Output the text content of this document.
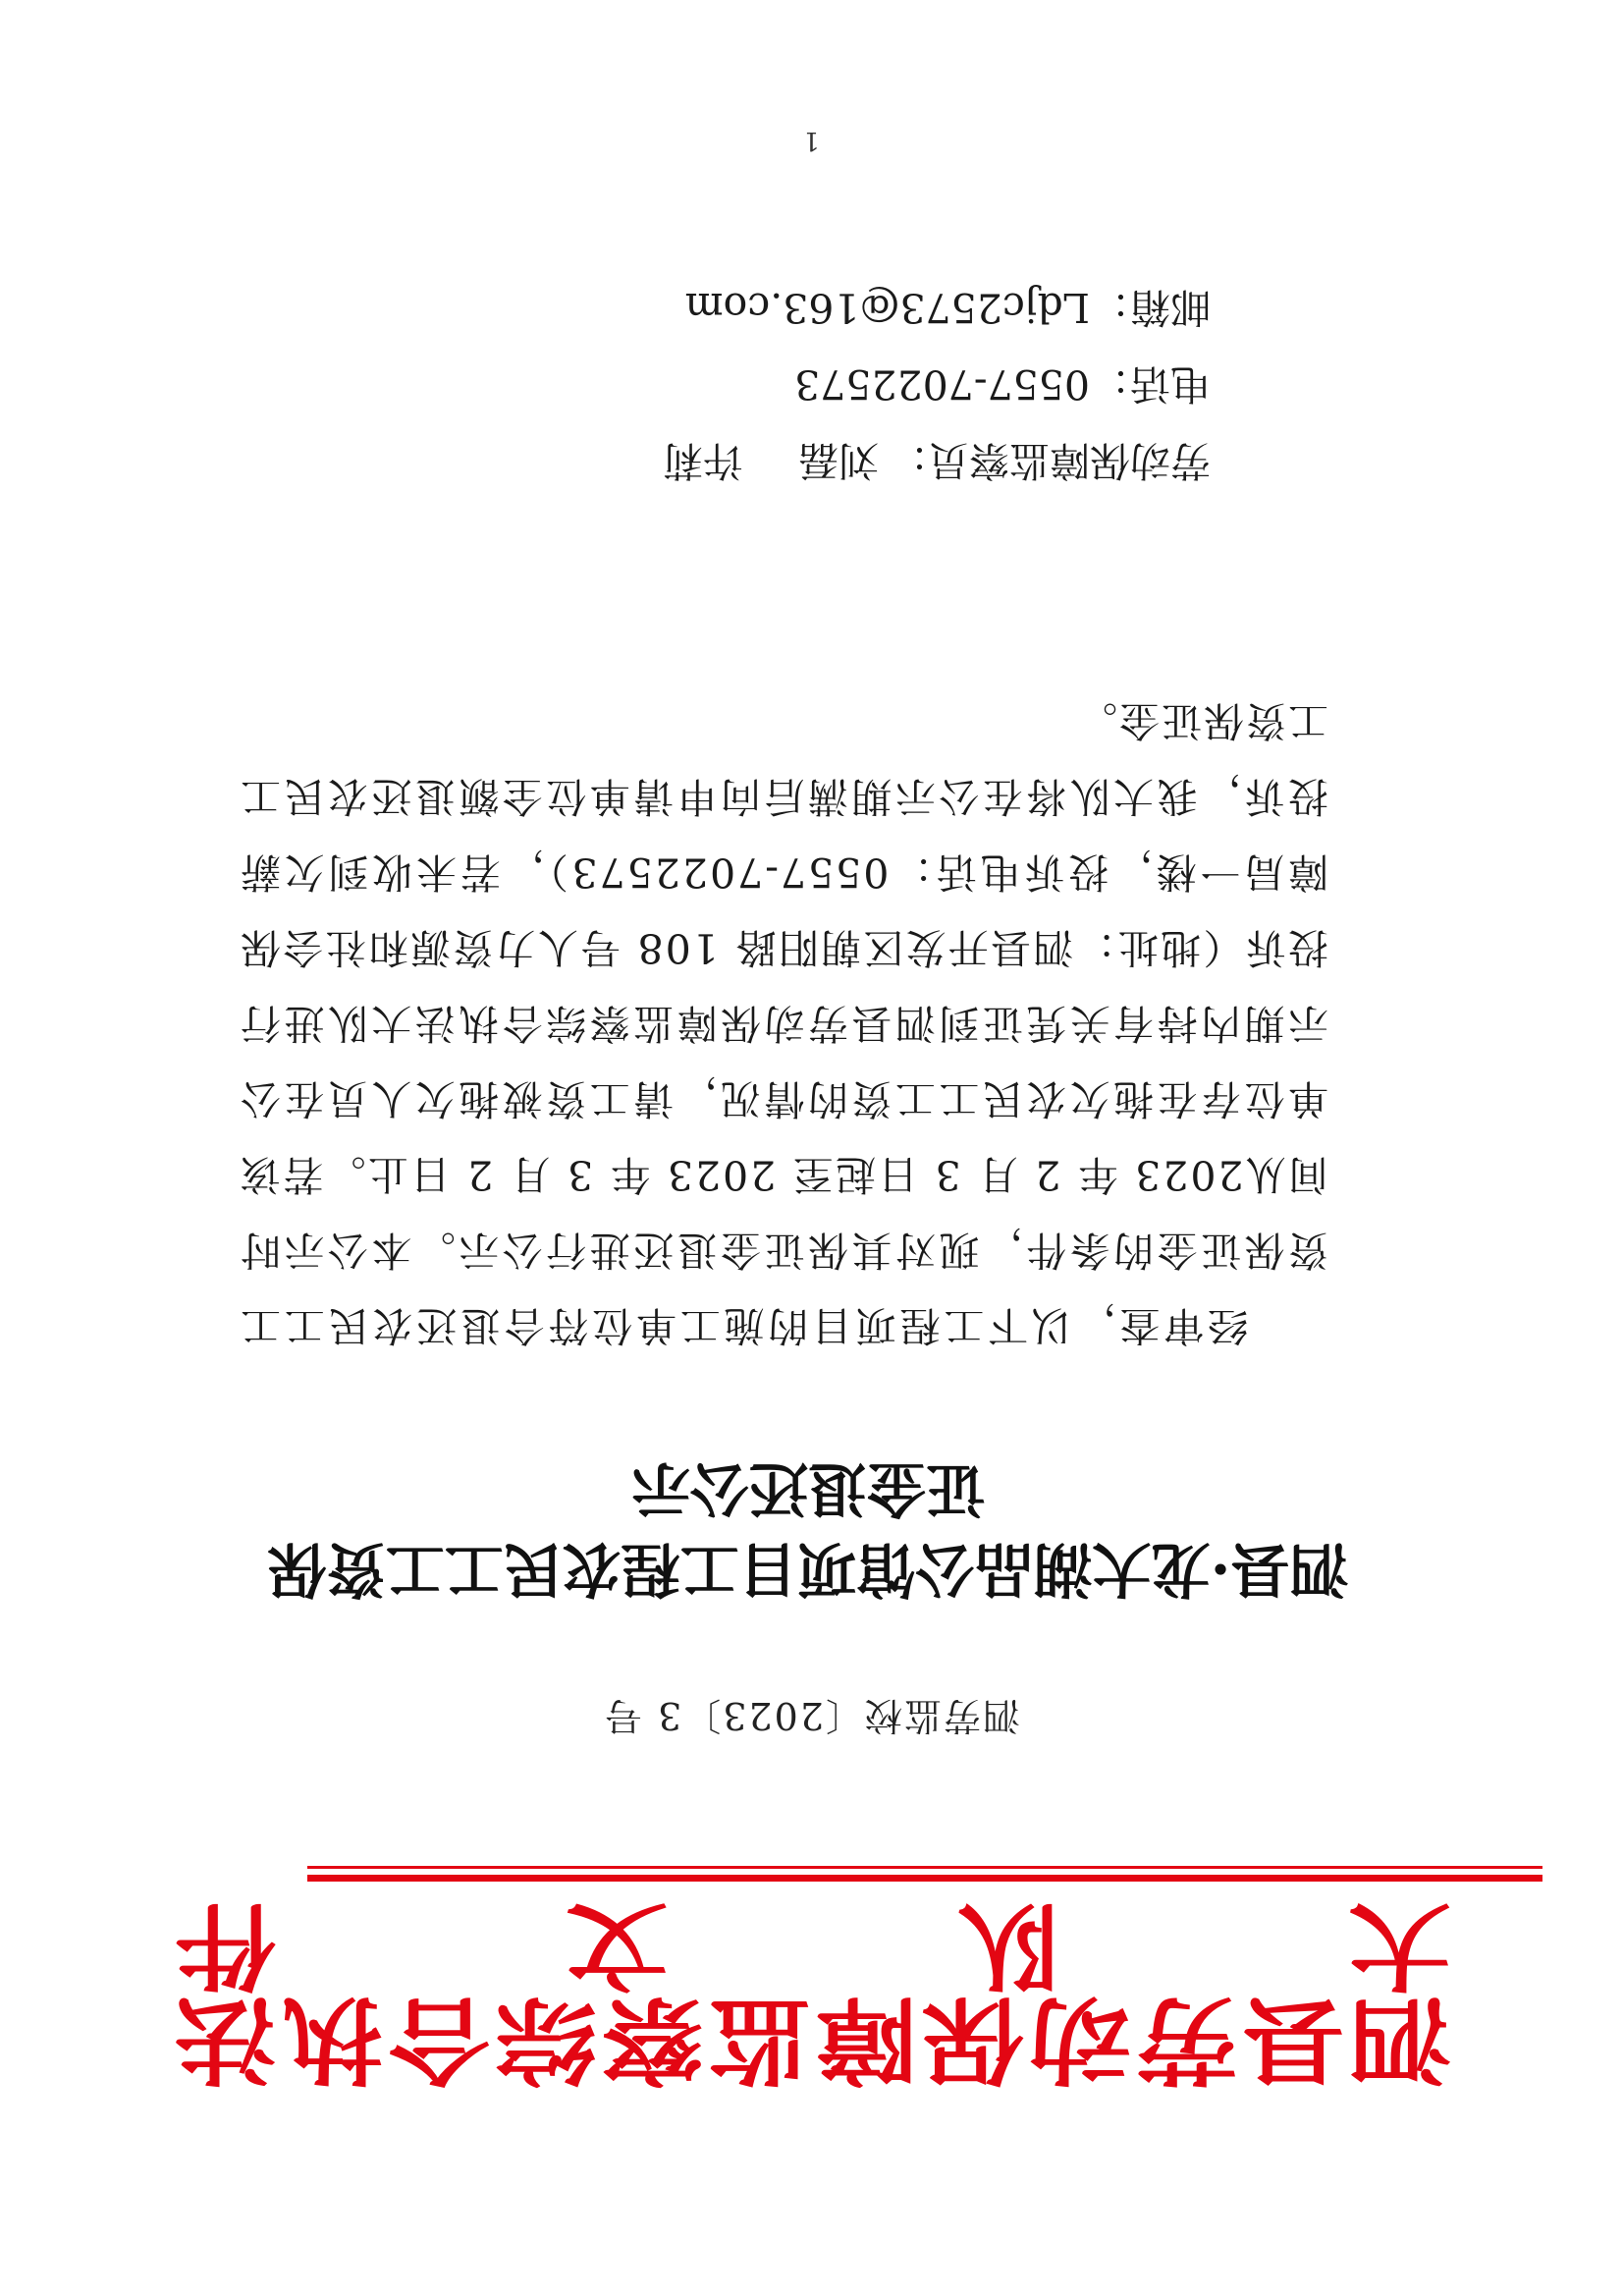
泗县劳动保障监察综合执法大队文件
泗劳监校〔2023〕3 号
泗县·龙大湖品公馆项目工程农民工工资保
证金退还公示
经审查，以下工程项目的施工单位符合退还农民工工资保证金的条件，现对其保证金退还进行公示。本公示时间从2023 年 2 月 3 日起至 2023 年 3 月 2 日止。若该单位存在拖欠农民工工资的情况，请工资被拖欠人员在公示期内持有关凭证到泗县劳动保障监察综合执法大队进行投诉（地址：泗县开发区朝阳路 108 号人力资源和社会保障局一楼，投诉电话：0557-7022573），若未收到欠薪投诉，我大队将在公示期满后向申请单位全额退还农民工工资保证金。
劳动保障监察员：刘磊许莉
电话：0557-7022573
邮箱：Ldjc2573@163.com
1
